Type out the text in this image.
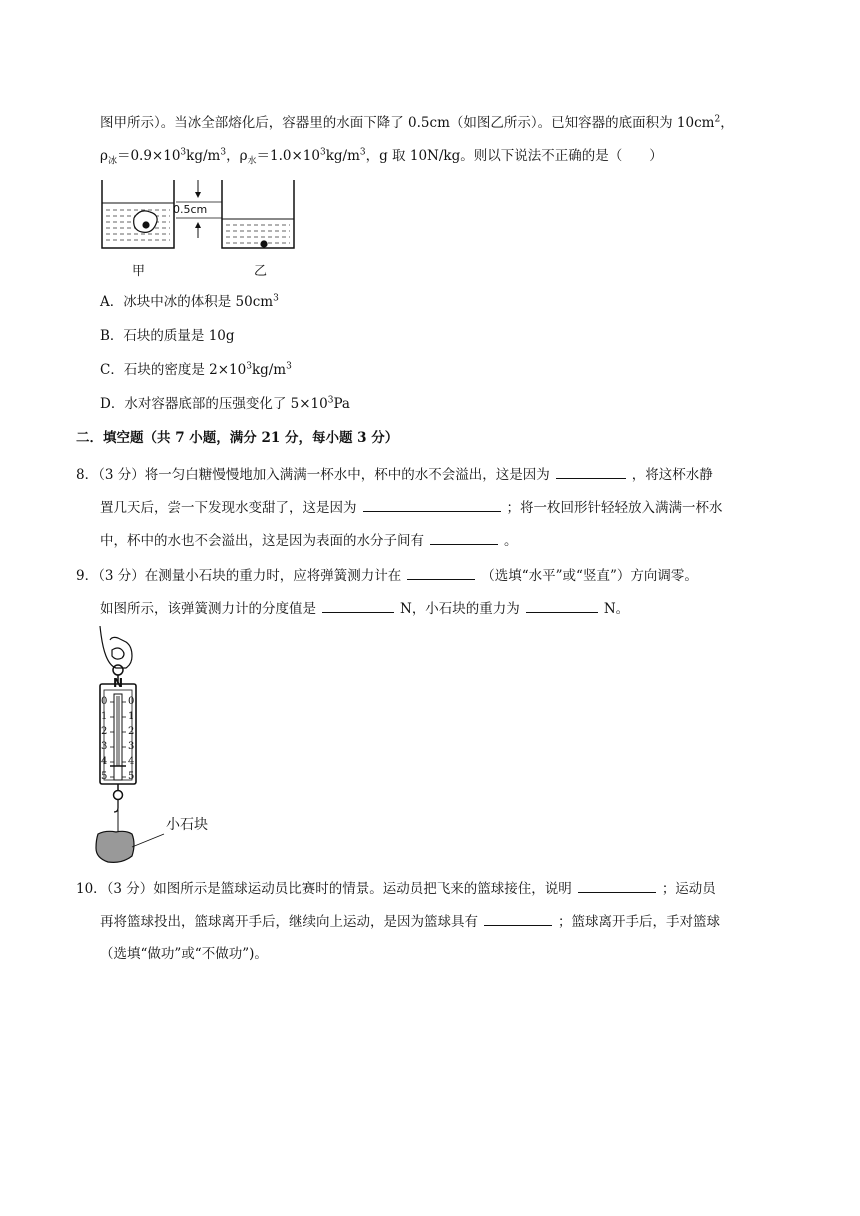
图甲所示）。当冰全部熔化后，容器里的水面下降了 0.5cm（如图乙所示）。已知容器的底面积为 $10cm^2$，
$\rho_冰=0.9\times 10^3kg/m^3$，$\rho_水=1.0\times 10^3kg/m^3$，g 取 10N/kg。则以下说法不正确的是（　　）
0.5cm
甲	乙
A．冰块中冰的体积是 $50cm^3$
B．石块的质量是 10g
C．石块的密度是 $2\times 10^3kg/m^3$
D．水对容器底部的压强变化了 $5\times 10^3Pa$
二．填空题（共 7 小题，满分 21 分，每小题 3 分）
8．（3 分）将一匀白糖慢慢地加入满满一杯水中，杯中的水不会溢出，这是因为	，将这杯水静
置几天后，尝一下发现水变甜了，这是因为	；将一枚回形针轻轻放入满满一杯水
中，杯中的水也不会溢出，这是因为表面的水分子间有	。
9．（3 分）在测量小石块的重力时，应将弹簧测力计在	（选填“水平”或“竖直”）方向调零。
如图所示，该弹簧测力计的分度值是	N，小石块的重力为	N。
N
0
1
2
3
4
5
0
1
2
3
4
5
小石块
10．（3 分）如图所示是篮球运动员比赛时的情景。运动员把飞来的篮球接住，说明	；运动员
再将篮球投出，篮球离开手后，继续向上运动，是因为篮球具有	；篮球离开手后，手对篮球
（选填“做功”或“不做功”)。
